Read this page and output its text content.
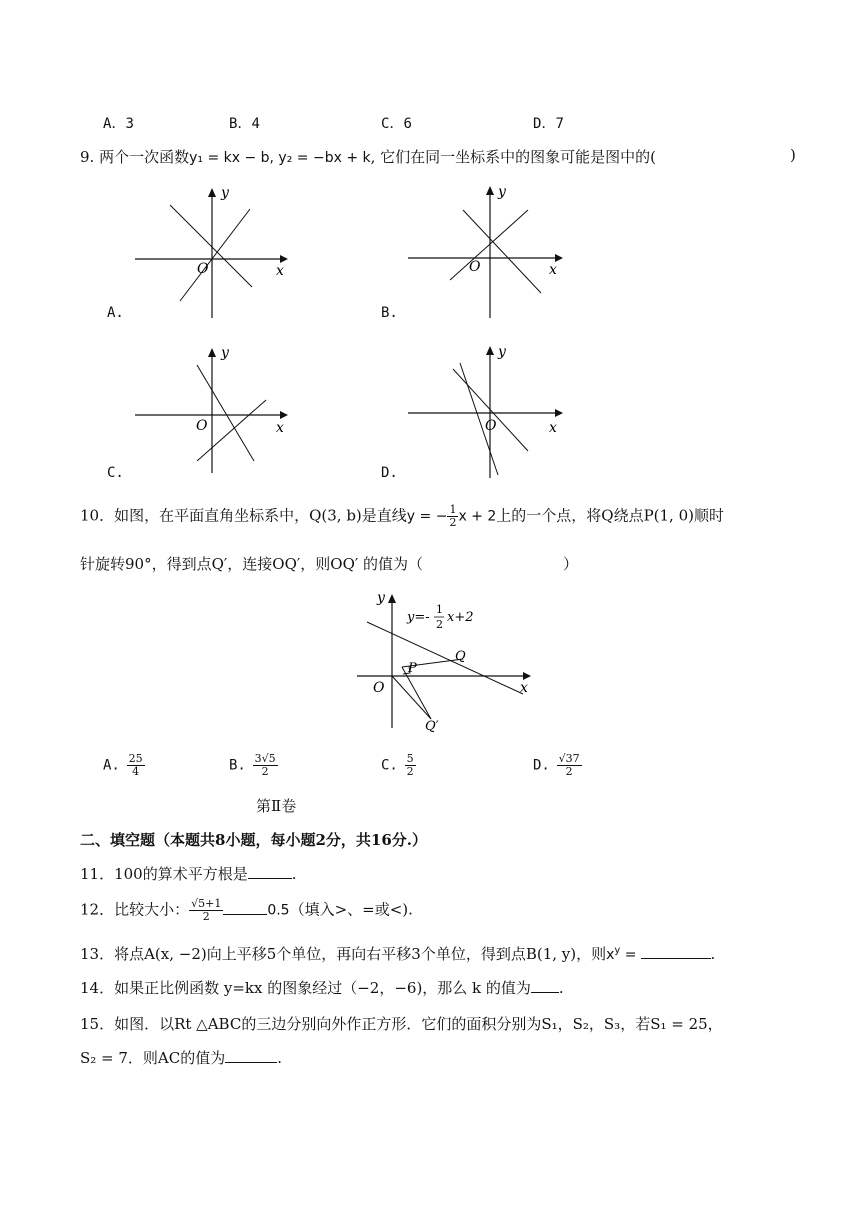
A．3	B．4	C．6	D．7
9. 两个一次函数y₁ = kx − b, y₂ = −bx + k, 它们在同一坐标系中的图象可能是图中的(	)
y
x
O
A.
y
x
O
B.
y
x
O
C.
y
x
O
D.
10．如图，在平面直角坐标系中，Q(3, b)是直线y = − $\frac{1}{2}$ x + 2上的一个点，将Q绕点P(1, 0)顺时
针旋转90°，得到点Q′，连接OQ′，则OQ′ 的值为（	）
y
x
O
P
Q
Q′
y=-
1
2 x+2
A. $\frac{25}{4}$	B. $\frac{3√5}{2}$	C. $\frac{5}{2}$	D. $\frac{√37}{2}$
第Ⅱ卷
二、填空题（本题共8小题，每小题2分，共16分.）
11．100的算术平方根是	.
12．比较大小： $\frac{√5+1}{2}$	0.5（填入>、=或<).
13．将点A(x, −2)向上平移5个单位，再向右平移3个单位，得到点B(1, y)，则$x^y$ =	.
14．如果正比例函数 y=kx 的图象经过（−2，−6)，那么 k 的值为 .
15．如图．以Rt △ABC的三边分别向外作正方形．它们的面积分别为S₁，S₂，S₃，若S₁ = 25，
S₂ = 7．则AC的值为	.
